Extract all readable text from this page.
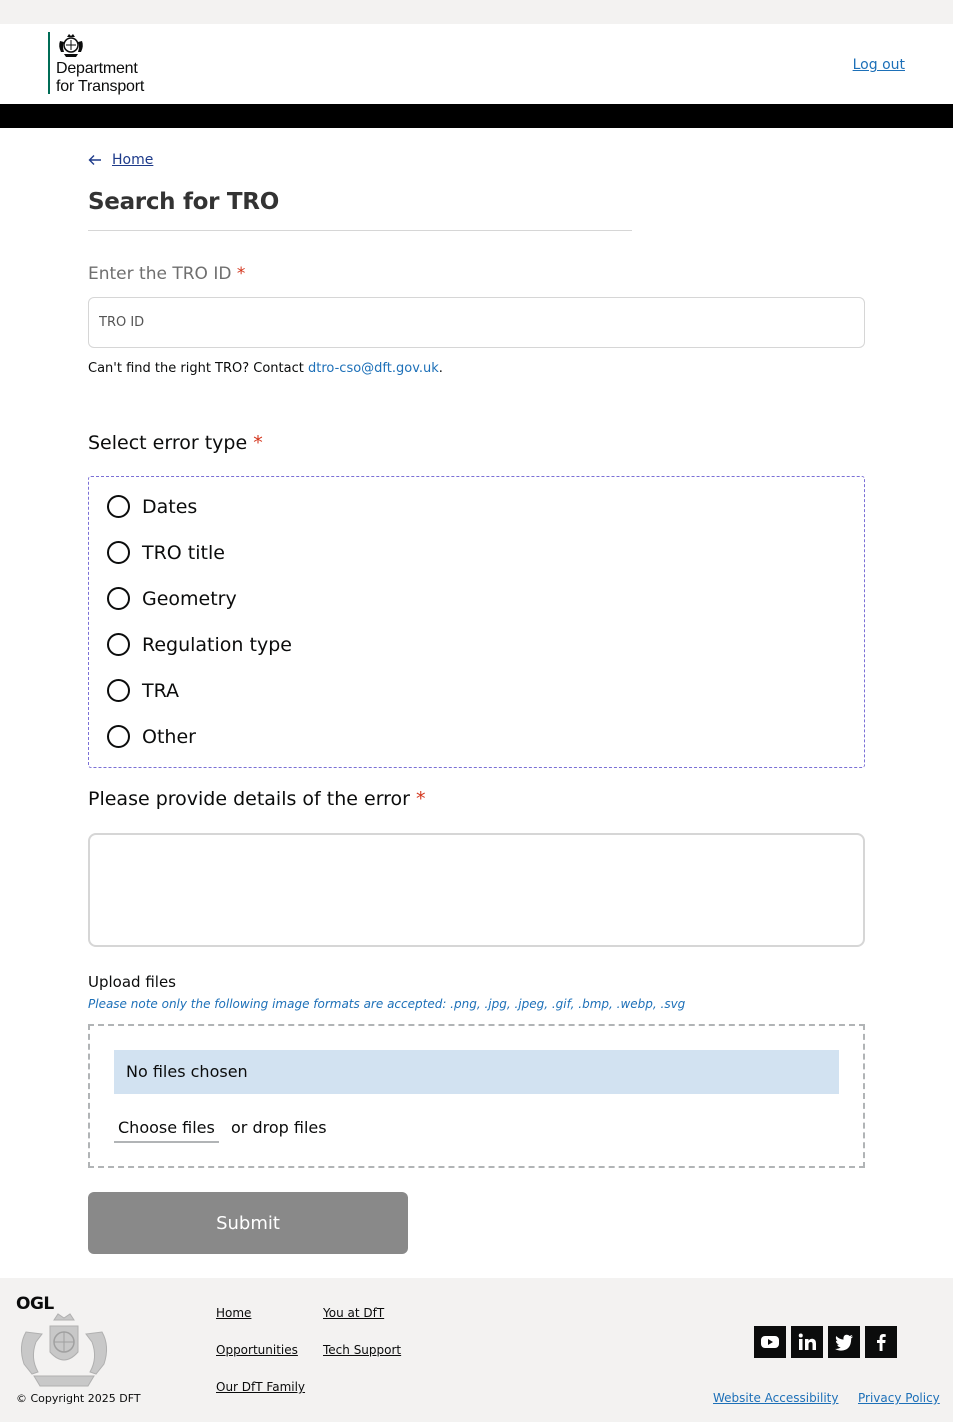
Department
for Transport
Log out
Home
Search for TRO
Enter the TRO ID *
TRO ID

Can't find the right TRO? Contact dtro-cso@dft.gov.uk.

Select error type *
Dates
TRO title
Geometry
Regulation type
TRA
Other
Please provide details of the error *
Upload files
Please note only the following image formats are accepted: .png, .jpg, .jpeg, .gif, .bmp, .webp, .svg
No files chosen
Choose files or drop files
Submit
OGL
© Copyright 2025 DFT
Home
Opportunities
Our DfT Family
You at DfT
Tech Support
Website Accessibility Privacy Policy
